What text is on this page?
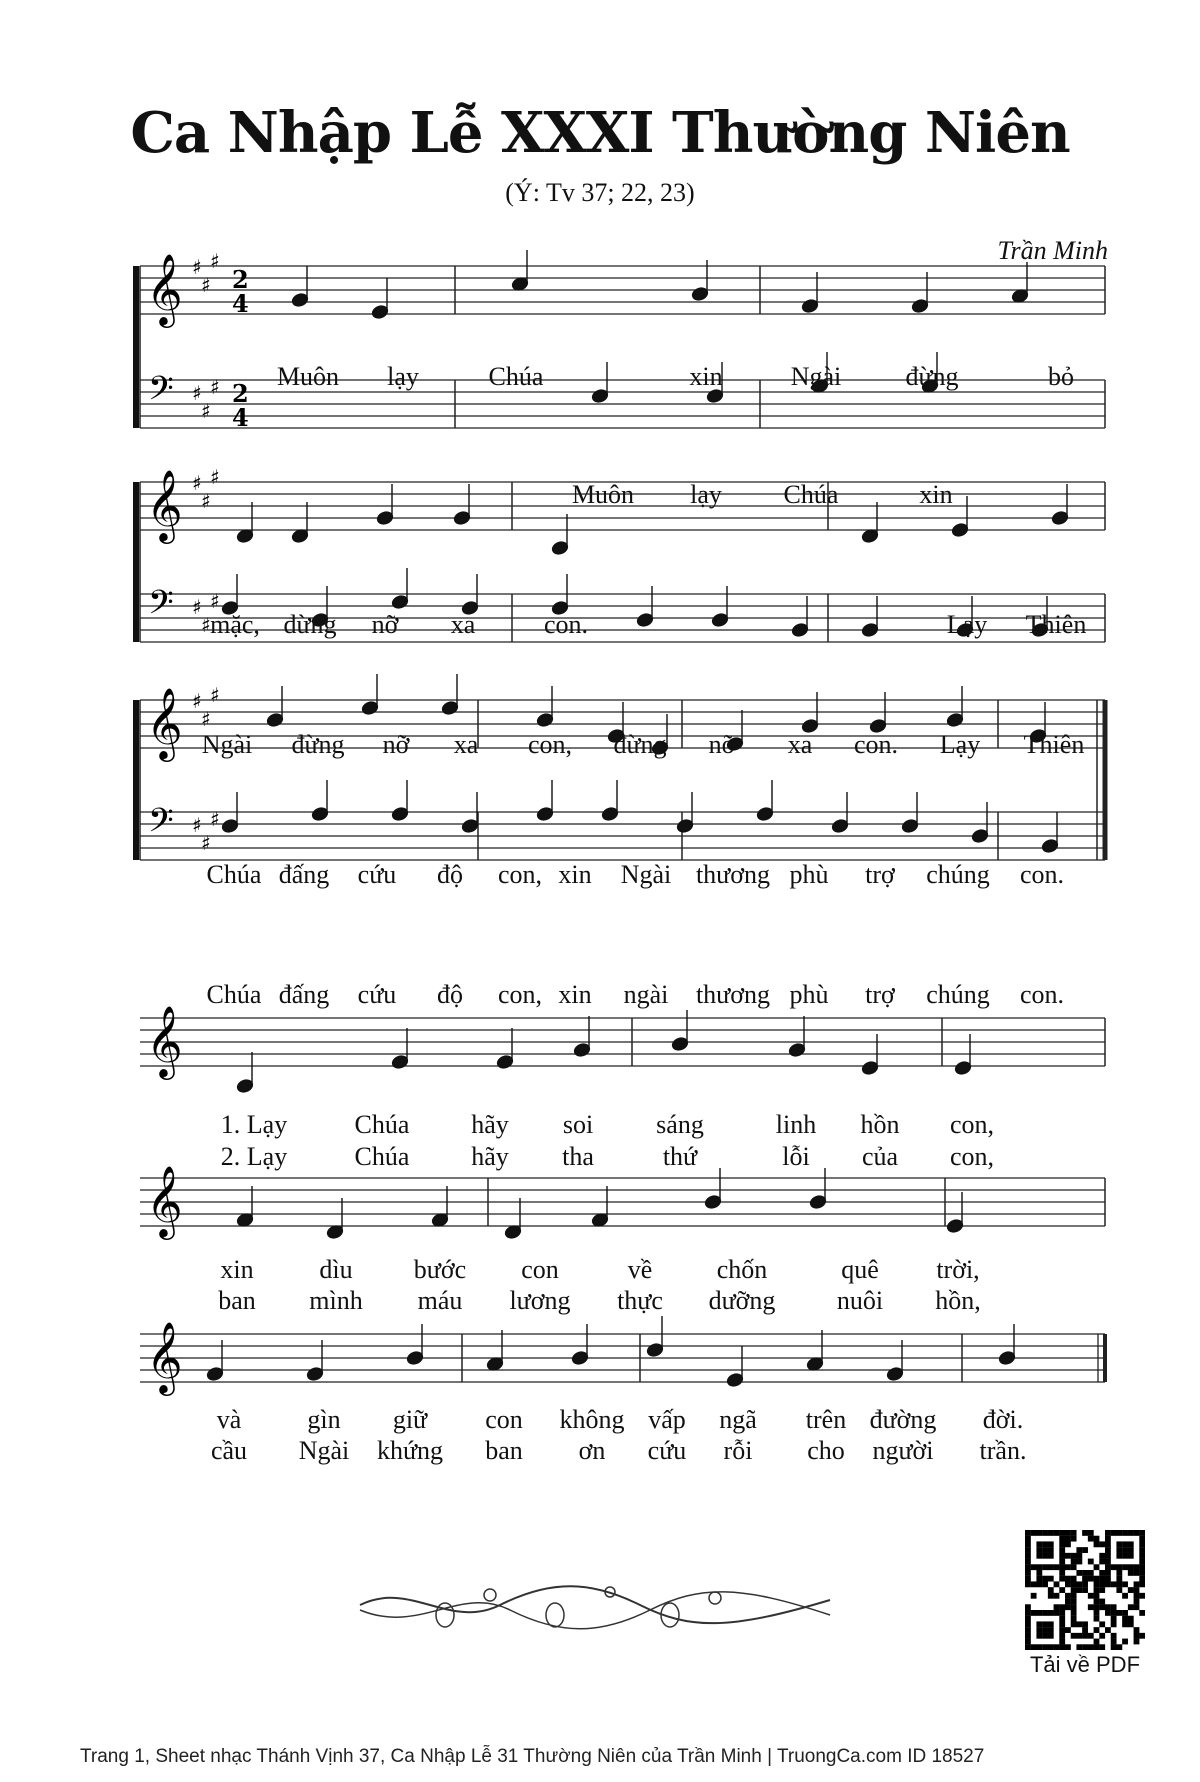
Ca Nhập Lễ XXXI Thường Niên
(Ý: Tv 37; 22, 23)
Trần Minh
𝄞
𝄢
♯
♯
♯
♯
♯
♯
2
4
2
4
𝄞
𝄢
♯
♯
♯
♯
♯
♯
𝄞
𝄢
♯
♯
♯
♯
♯
♯
𝄞
𝄞
𝄞
Muôn lạy	Chúa	xin	Ngài đừng	bỏ
Muôn lạy Chúa	xin
mặc, đừng nỡ xa	con.	Lạy Thiên
Ngài đừng nỡ xa con, đừng nỡ xa con. Lạy Thiên
Chúa đấng cứu độ con, xin Ngài thương phù trợ chúng con.
Chúa đấng cứu độ con, xin ngài thương phù trợ chúng con.
1. Lạy	Chúa hãy soi sáng	linh hồn con,
2. Lạy	Chúa hãy tha	thứ	lỗi của con,
xin	dìu bước con	về chốn	quê trời,
ban mình máu lương thực dưỡng nuôi hồn,
và	gìn giữ con không vấp ngã trên đường đời.
cầu Ngài khứng ban ơn cứu rỗi cho người trần.
Tải về PDF
Trang 1, Sheet nhạc Thánh Vịnh 37, Ca Nhập Lễ 31 Thường Niên của Trần Minh | TruongCa.com ID 18527
